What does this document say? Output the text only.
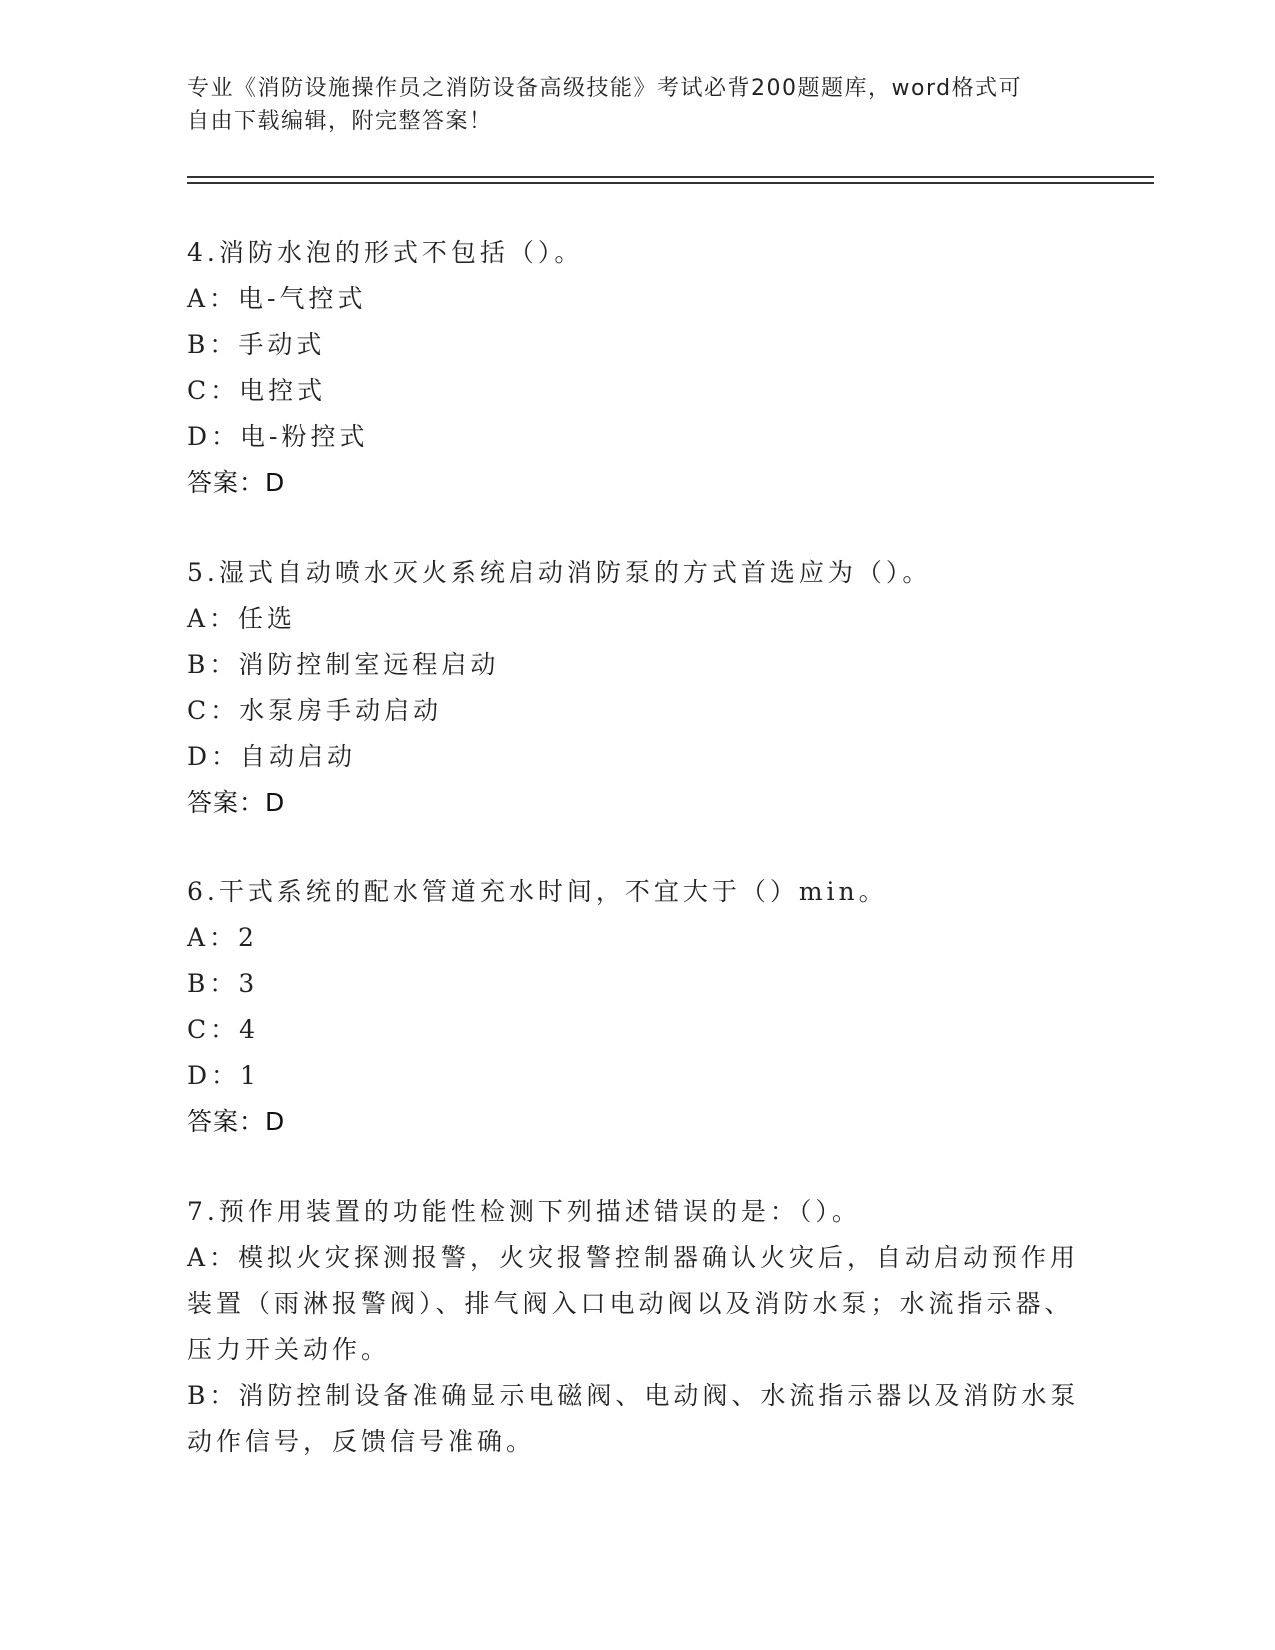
专业《消防设施操作员之消防设备高级技能》考试必背200题题库，word格式可
自由下载编辑，附完整答案！
4.消防水泡的形式不包括（）。
A：电-气控式
B：手动式
C：电控式
D：电-粉控式
答案：D
5.湿式自动喷水灭火系统启动消防泵的方式首选应为（）。
A：任选
B：消防控制室远程启动
C：水泵房手动启动
D：自动启动
答案：D
6.干式系统的配水管道充水时间，不宜大于（）min。
A：2
B：3
C：4
D：1
答案：D
7.预作用装置的功能性检测下列描述错误的是：（）。
A：模拟火灾探测报警，火灾报警控制器确认火灾后，自动启动预作用装置（雨淋报警阀）、排气阀入口电动阀以及消防水泵；水流指示器、压力开关动作。
B：消防控制设备准确显示电磁阀、电动阀、水流指示器以及消防水泵动作信号，反馈信号准确。
